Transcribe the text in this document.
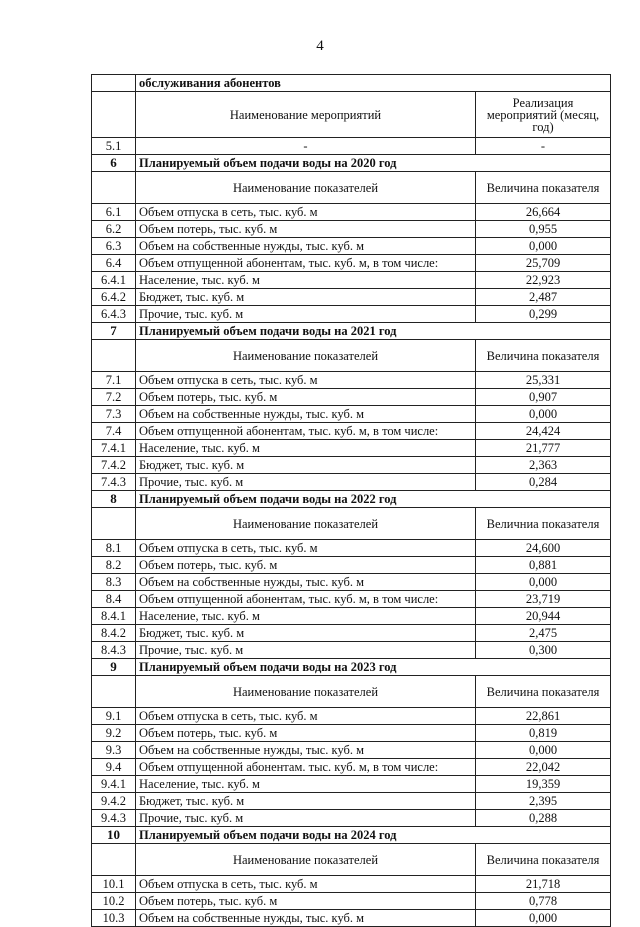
4
	обслуживания абонентов	
	Наименование мероприятий	Реализация мероприятий (месяц, год)
5.1	-	-
6	Планируемый объем подачи воды на 2020 год	
	Наименование показателей	Величина показателя
6.1	Объем отпуска в сеть, тыс. куб. м	26,664
6.2	Объем потерь, тыс. куб. м	0,955
6.3	Объем на собственные нужды, тыс. куб. м	0,000
6.4	Объем отпущенной абонентам, тыс. куб. м, в том числе:	25,709
6.4.1	Население, тыс. куб. м	22,923
6.4.2	Бюджет, тыс. куб. м	2,487
6.4.3	Прочие, тыс. куб. м	0,299
7	Планируемый объем подачи воды на 2021 год	
	Наименование показателей	Величина показателя
7.1	Объем отпуска в сеть, тыс. куб. м	25,331
7.2	Объем потерь, тыс. куб. м	0,907
7.3	Объем на собственные нужды, тыс. куб. м	0,000
7.4	Объем отпущенной абонентам, тыс. куб. м, в том числе:	24,424
7.4.1	Население, тыс. куб. м	21,777
7.4.2	Бюджет, тыс. куб. м	2,363
7.4.3	Прочие, тыс. куб. м	0,284
8	Планируемый объем подачи воды на 2022 год	
	Наименование показателей	Величниа показателя
8.1	Объем отпуска в сеть, тыс. куб. м	24,600
8.2	Объем потерь, тыс. куб. м	0,881
8.3	Объем на собственные нужды, тыс. куб. м	0,000
8.4	Объем отпущенной абонентам, тыс. куб. м, в том числе:	23,719
8.4.1	Население, тыс. куб. м	20,944
8.4.2	Бюджет, тыс. куб. м	2,475
8.4.3	Прочие, тыс. куб. м	0,300
9	Планируемый объем подачи воды на 2023 год	
	Наименование показателей	Величина показателя
9.1	Объем отпуска в сеть, тыс. куб. м	22,861
9.2	Объем потерь, тыс. куб. м	0,819
9.3	Объем на собственные нужды, тыс. куб. м	0,000
9.4	Объем отпущенной абонентам. тыс. куб. м, в том числе:	22,042
9.4.1	Население, тыс. куб. м	19,359
9.4.2	Бюджет, тыс. куб. м	2,395
9.4.3	Прочие, тыс. куб. м	0,288
10	Планируемый объем подачи воды на 2024 год	
	Наименование показателей	Величина показателя
10.1	Объем отпуска в сеть, тыс. куб. м	21,718
10.2	Объем потерь, тыс. куб. м	0,778
10.3	Объем на собственные нужды, тыс. куб. м	0,000
